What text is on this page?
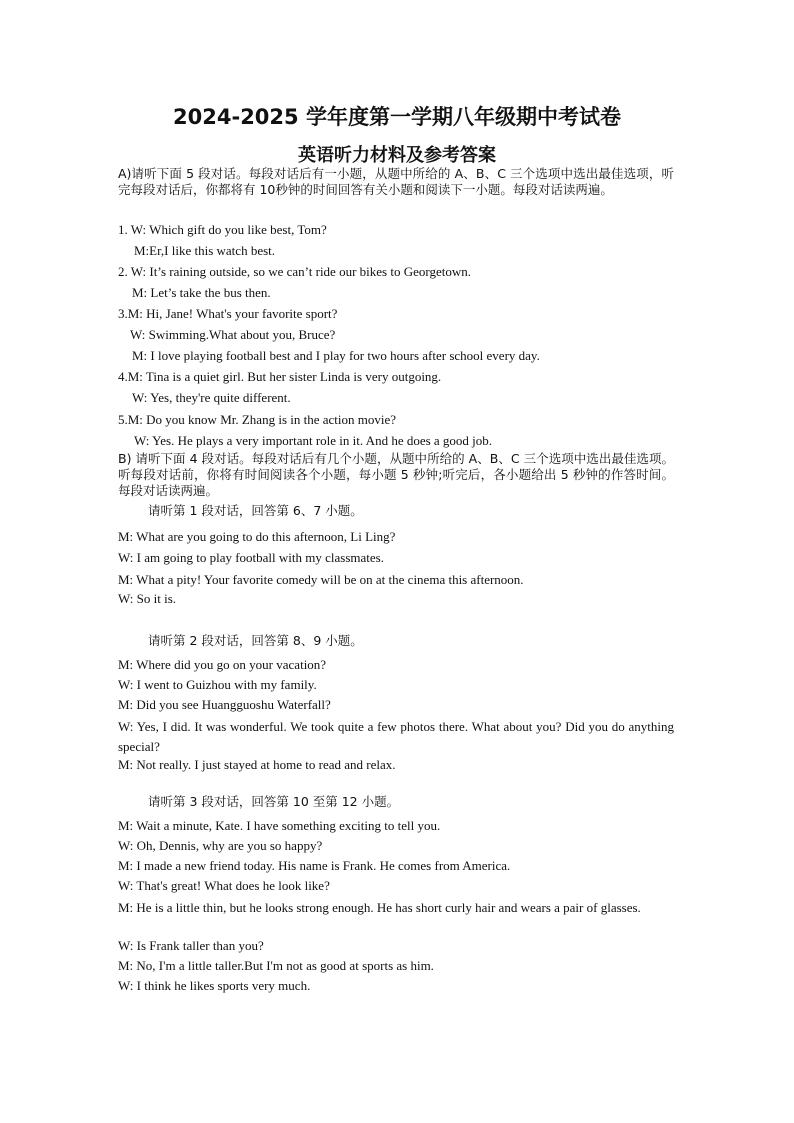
2024-2025 学年度第一学期八年级期中考试卷
英语听力材料及参考答案
A)请听下面 5 段对话。每段对话后有一小题，从题中所给的 A、B、C 三个选项中选出最佳选项，听完每段对话后，你都将有 10秒钟的时间回答有关小题和阅读下一小题。每段对话读两遍。
1. W: Which gift do you like best, Tom?
M:Er,I like this watch best.
2. W: It’s raining outside, so we can’t ride our bikes to Georgetown.
M: Let’s take the bus then.
3.M: Hi, Jane! What's your favorite sport?
W: Swimming.What about you, Bruce?
M: I love playing football best and I play for two hours after school every day.
4.M: Tina is a quiet girl. But her sister Linda is very outgoing.
W: Yes, they're quite different.
5.M: Do you know Mr. Zhang is in the action movie?
W: Yes. He plays a very important role in it. And he does a good job.
B) 请听下面 4 段对话。每段对话后有几个小题，从题中所给的 A、B、C 三个选项中选出最佳选项。听每段对话前，你将有时间阅读各个小题，每小题 5 秒钟;听完后，各小题给出 5 秒钟的作答时间。每段对话读两遍。
请听第 1 段对话，回答第 6、7 小题。
M: What are you going to do this afternoon, Li Ling?
W: I am going to play football with my classmates.
M: What a pity! Your favorite comedy will be on at the cinema this afternoon.
W: So it is.
请听第 2 段对话，回答第 8、9 小题。
M: Where did you go on your vacation?
W: I went to Guizhou with my family.
M: Did you see Huangguoshu Waterfall?
W: Yes, I did. It was wonderful. We took quite a few photos there. What about you? Did you do anything special?
M: Not really. I just stayed at home to read and relax.
请听第 3 段对话，回答第 10 至第 12 小题。
M: Wait a minute, Kate. I have something exciting to tell you.
W: Oh, Dennis, why are you so happy?
M: I made a new friend today. His name is Frank. He comes from America.
W: That's great! What does he look like?
M: He is a little thin, but he looks strong enough. He has short curly hair and wears a pair of glasses.
W: Is Frank taller than you?
M: No, I'm a little taller.But I'm not as good at sports as him.
W: I think he likes sports very much.
